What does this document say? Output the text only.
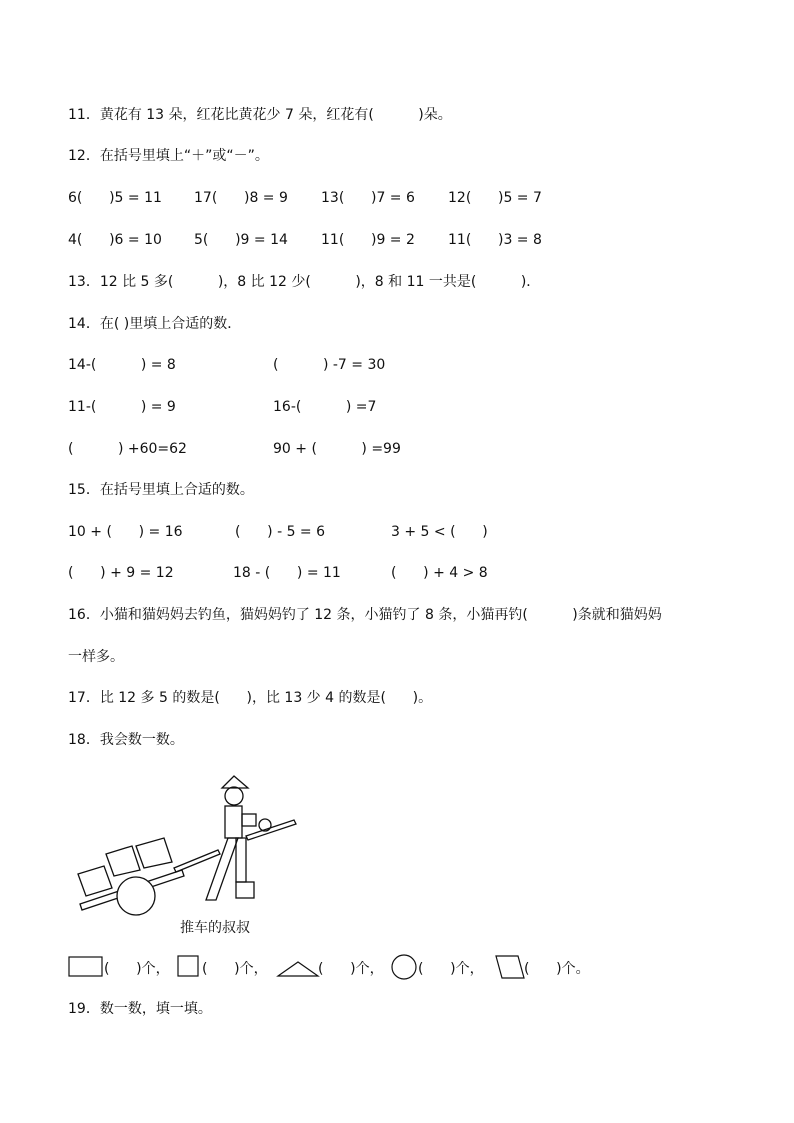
11．黄花有 13 朵，红花比黄花少 7 朵，红花有(          )朵。
12．在括号里填上“＋”或“－”。
6(      )5 = 11 17(      )8 = 9 13(      )7 = 6 12(      )5 = 7
4(      )6 = 10 5(      )9 = 14 11(      )9 = 2 11(      )3 = 8
13．12 比 5 多(          )，8 比 12 少(          )，8 和 11 一共是(          )．
14．在( )里填上合适的数．
14-(          ) = 8	(          ) -7 = 30
11-(          ) = 9	16-(          ) =7
(          ) +60=62	90 + (          ) =99
15．在括号里填上合适的数。
10 + (      ) = 16	(      ) - 5 = 6	3 + 5 < (      )
(      ) + 9 = 12	18 - (      ) = 11	(      ) + 4 > 8
16．小猫和猫妈妈去钓鱼，猫妈妈钓了 12 条，小猫钓了 8 条，小猫再钓(          )条就和猫妈妈
一样多。
17．比 12 多 5 的数是(      )，比 13 少 4 的数是(      )。
18．我会数一数。
推车的叔叔
(      )个， (      )个，	(      )个， (      )个，	(      )个。
19．数一数，填一填。
